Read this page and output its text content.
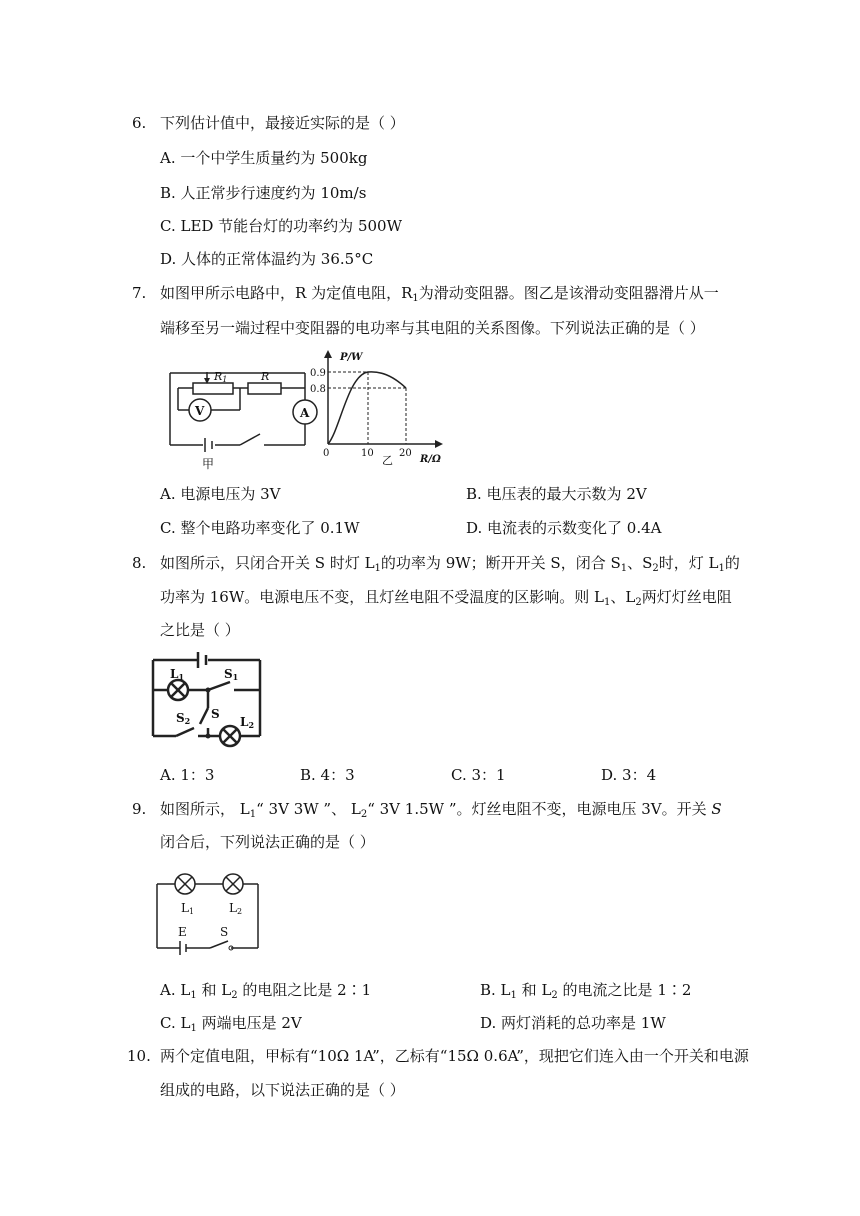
6. 下列估计值中，最接近实际的是（ ）
A. 一个中学生质量约为 500kg
B. 人正常步行速度约为 10m/s
C. LED 节能台灯的功率约为 500W
D. 人体的正常体温约为 36.5°C
7. 如图甲所示电路中，R 为定值电阻，$R_1$为滑动变阻器。图乙是该滑动变阻器滑片从一
端移至另一端过程中变阻器的电功率与其电阻的关系图像。下列说法正确的是（ ）
R1	R
V	A
甲
P/W
0.9
0.8
0	10	20
乙	R/Ω
A. 电源电压为 3V	B. 电压表的最大示数为 2V
C. 整个电路功率变化了 0.1W	D. 电流表的示数变化了 0.4A
8. 如图所示，只闭合开关 S 时灯 $L_1$的功率为 9W；断开开关 S，闭合 $S_1$、$S_2$时，灯 $L_1$的
功率为 16W。电源电压不变，且灯丝电阻不受温度的区影响。则 $L_1$、$L_2$两灯灯丝电阻
之比是（ ）
L1	S1
S2 S
L2
A. 1：3	B. 4：3	C. 3：1	D. 3：4
9. 如图所示， $L_1“$ 3V 3W ”、 $L_2“$ 3V 1.5W ”。灯丝电阻不变，电源电压 3V。开关 S
闭合后，下列说法正确的是（ ）
L1	L2
E	S
A. $L_1$ 和 $L_2$ 的电阻之比是 2∶1	B. $L_1$ 和 $L_2$ 的电流之比是 1∶2
C. $L_1$ 两端电压是 2V	D. 两灯消耗的总功率是 1W
10. 两个定值电阻，甲标有“10Ω 1A”，乙标有“15Ω 0.6A”，现把它们连入由一个开关和电源
组成的电路，以下说法正确的是（ ）
